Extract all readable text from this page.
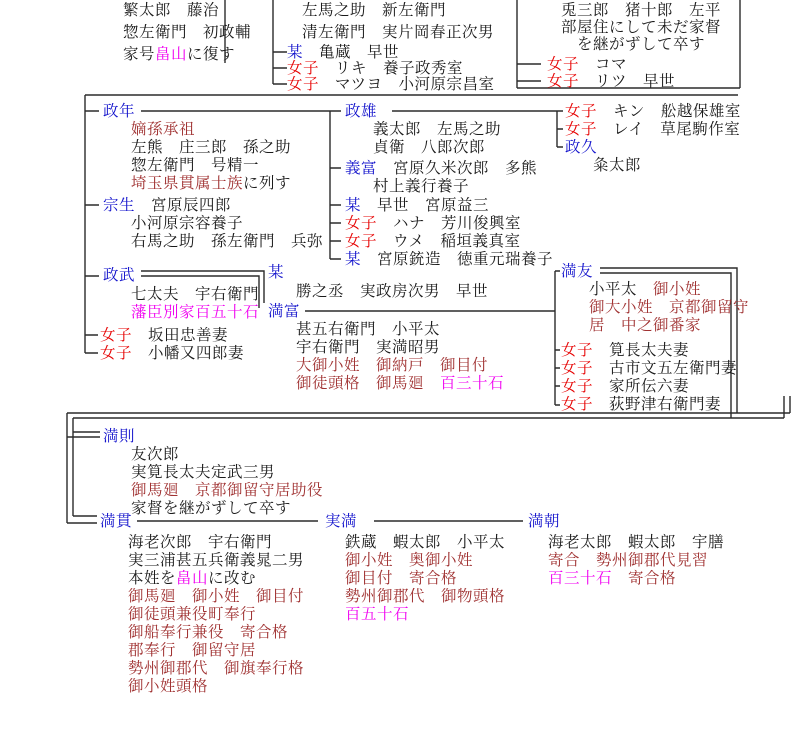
繁太郎　藤治
惣左衛門　初政輔
家号畠山に復す
左馬之助　新左衛門
清左衛門　実片岡春正次男
某　亀蔵　早世
女子　リキ　養子政秀室
女子　マツヨ　小河原宗昌室
兎三郎　猪十郎　左平
部屋住にして未だ家督
を継がずして卒す
女子　コマ
女子　リツ　早世
政年
嫡孫承祖
左熊　庄三郎　孫之助
惣左衛門　号精一
埼玉県貫属士族に列す
宗生　宮原辰四郎
小河原宗容養子
右馬之助　孫左衛門　兵弥
政雄
義太郎　左馬之助
貞衛　八郎次郎
義富　宮原久米次郎　多熊
村上義行養子
某　早世　宮原益三
女子　ハナ　芳川俊興室
女子　ウメ　稲垣義真室
某　宮原銃造　徳重元瑞養子
女子　キン　舩越保雄室
女子　レイ　草尾駒作室
政久
粂太郎
政武
七太夫　宇右衛門
藩臣別家百五十石
女子　坂田忠善妻
女子　小幡又四郎妻
某
勝之丞　実政房次男　早世
満富
甚五右衛門　小平太
宇右衛門　実満昭男
大御小姓　御納戸　御目付
御徒頭格　御馬廻　 百三十石
満友
小平太　 御小姓
御大小姓　京都御留守
居　中之御番家
女子　筧長太夫妻
女子　古市文五左衛門妻
女子　家所伝六妻
女子　荻野津右衛門妻
満則
友次郎
実筧長太夫定武三男
御馬廻　京都御留守居助役
家督を継がずして卒す
満貫
海老次郎　宇右衛門
実三浦甚五兵衛義晁二男
本姓を畠山に改む
御馬廻　御小姓　御目付
御徒頭兼役町奉行
御船奉行兼役　寄合格
郡奉行　御留守居
勢州御郡代　御旗奉行格
御小姓頭格
実満
鉄蔵　蝦太郎　小平太
御小姓　奥御小姓
御目付　寄合格
勢州御郡代　御物頭格
百五十石
満朝
海老太郎　蝦太郎　宇膳
寄合　勢州御郡代見習
百三十石　 寄合格
